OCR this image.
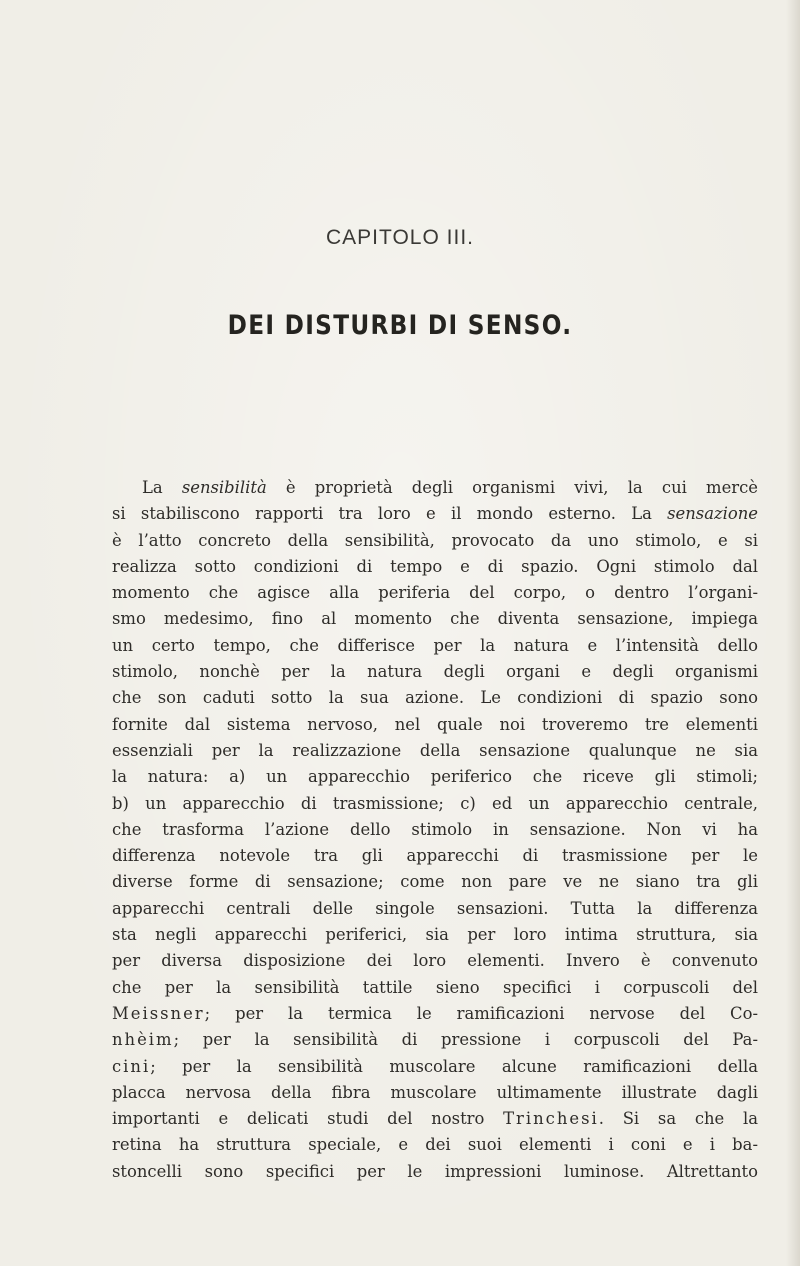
CAPITOLO III.
DEI DISTURBI DI SENSO.
La sensibilità è proprietà degli organismi vivi, la cui mercè
si stabiliscono rapporti tra loro e il mondo esterno. La sensazione
è l’atto concreto della sensibilità, provocato da uno stimolo, e si
realizza sotto condizioni di tempo e di spazio. Ogni stimolo dal
momento che agisce alla periferia del corpo, o dentro l’organi-
smo medesimo, fino al momento che diventa sensazione, impiega
un certo tempo, che differisce per la natura e l’intensità dello
stimolo, nonchè per la natura degli organi e degli organismi
che son caduti sotto la sua azione. Le condizioni di spazio sono
fornite dal sistema nervoso, nel quale noi troveremo tre elementi
essenziali per la realizzazione della sensazione qualunque ne sia
la natura: a) un apparecchio periferico che riceve gli stimoli;
b) un apparecchio di trasmissione; c) ed un apparecchio centrale,
che trasforma l’azione dello stimolo in sensazione. Non vi ha
differenza notevole tra gli apparecchi di trasmissione per le
diverse forme di sensazione; come non pare ve ne siano tra gli
apparecchi centrali delle singole sensazioni. Tutta la differenza
sta negli apparecchi periferici, sia per loro intima struttura, sia
per diversa disposizione dei loro elementi. Invero è convenuto
che per la sensibilità tattile sieno specifici i corpuscoli del
Meissner; per la termica le ramificazioni nervose del Co-
nhèim; per la sensibilità di pressione i corpuscoli del Pa-
cini; per la sensibilità muscolare alcune ramificazioni della
placca nervosa della fibra muscolare ultimamente illustrate dagli
importanti e delicati studi del nostro Trinchesi. Si sa che la
retina ha struttura speciale, e dei suoi elementi i coni e i ba-
stoncelli sono specifici per le impressioni luminose. Altrettanto
